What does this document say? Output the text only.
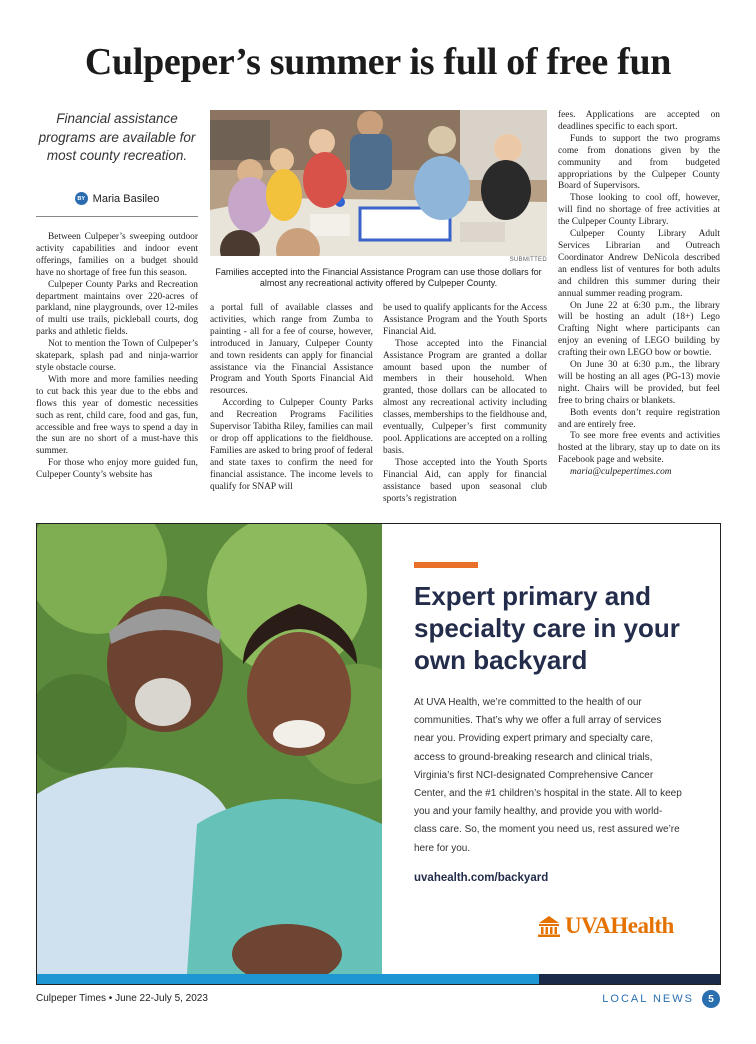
Culpeper’s summer is full of free fun
Financial assistance programs are available for most county recreation.
BY Maria Basileo

Between Culpeper’s sweeping outdoor activity capabilities and indoor event offerings, families on a budget should have no shortage of free fun this season.

Culpeper County Parks and Recreation department maintains over 220-acres of parkland, nine playgrounds, over 12-miles of multi use trails, pickleball courts, dog parks and athletic fields.

Not to mention the Town of Culpeper’s skatepark, splash pad and ninja-warrior style obstacle course.

With more and more families needing to cut back this year due to the ebbs and flows this year of domestic necessities such as rent, child care, food and gas, fun, accessible and free ways to spend a day in the sun are no short of a must-have this summer.

For those who enjoy more guided fun, Culpeper County’s website has

SUBMITTED
Families accepted into the Financial Assistance Program can use those dollars for almost any recreational activity offered by Culpeper County.

a portal full of available classes and activities, which range from Zumba to painting - all for a fee of course, however, introduced in January, Culpeper County and town residents can apply for financial assistance via the Financial Assistance Program and Youth Sports Financial Aid resources.

According to Culpeper County Parks and Recreation Programs Facilities Supervisor Tabitha Riley, families can mail or drop off applications to the fieldhouse. Families are asked to bring proof of federal and state taxes to confirm the need for financial assistance. The income levels to qualify for SNAP will

be used to qualify applicants for the Access Assistance Program and the Youth Sports Financial Aid.

Those accepted into the Financial Assistance Program are granted a dollar amount based upon the number of members in their household. When granted, those dollars can be allocated to almost any recreational activity including classes, memberships to the fieldhouse and, eventually, Culpeper’s first community pool. Applications are accepted on a rolling basis.

Those accepted into the Youth Sports Financial Aid, can apply for financial assistance based upon seasonal club sports’s registration

fees. Applications are accepted on deadlines specific to each sport.

Funds to support the two programs come from donations given by the community and from budgeted appropriations by the Culpeper County Board of Supervisors.

Those looking to cool off, however, will find no shortage of free activities at the Culpeper County Library.

Culpeper County Library Adult Services Librarian and Outreach Coordinator Andrew DeNicola described an endless list of ventures for both adults and children this summer during their annual summer reading program.

On June 22 at 6:30 p.m., the library will be hosting an adult (18+) Lego Crafting Night where participants can enjoy an evening of LEGO building by crafting their own LEGO bow or bowtie.

On June 30 at 6:30 p.m., the library will be hosting an all ages (PG-13) movie night. Chairs will be provided, but feel free to bring chairs or blankets.

Both events don’t require registration and are entirely free.

To see more free events and activities hosted at the library, stay up to date on its Facebook page and website.

maria@culpepertimes.com

Expert primary and specialty care in your own backyard
At UVA Health, we’re committed to the health of our communities. That’s why we offer a full array of services near you. Providing expert primary and specialty care, access to ground-breaking research and clinical trials, Virginia’s first NCI-designated Comprehensive Cancer Center, and the #1 children’s hospital in the state. All to keep you and your family healthy, and provide you with world-class care. So, the moment you need us, rest assured we’re here for you.
uvahealth.com/backyard
UVAHealth
Culpeper Times • June 22-July 5, 2023	LOCAL NEWS	5
